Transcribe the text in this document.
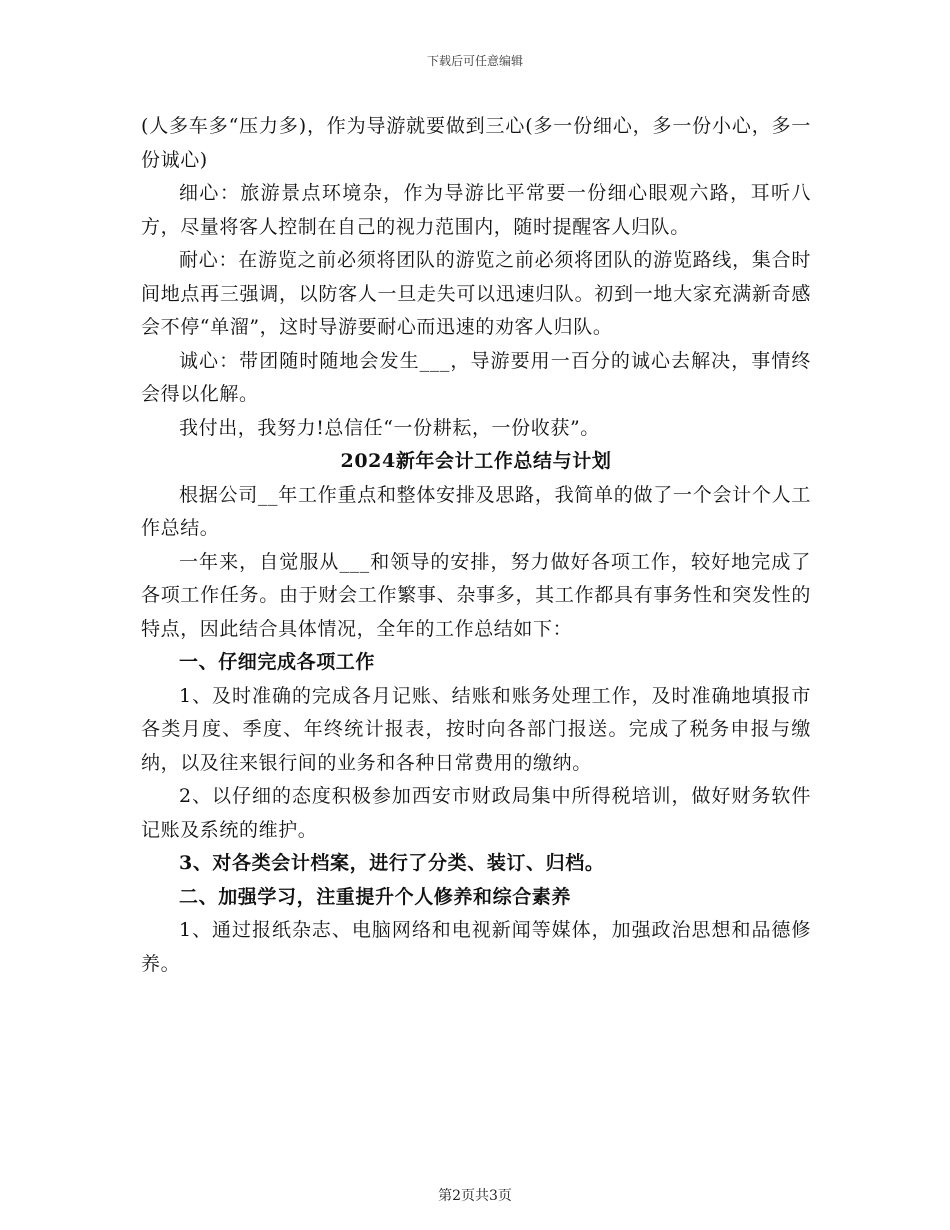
下载后可任意编辑

(人多车多“压力多)，作为导游就要做到三心(多一份细心，多一份小心，多一份诚心)

细心：旅游景点环境杂，作为导游比平常要一份细心眼观六路，耳听八方，尽量将客人控制在自己的视力范围内，随时提醒客人归队。

耐心：在游览之前必须将团队的游览之前必须将团队的游览路线，集合时间地点再三强调，以防客人一旦走失可以迅速归队。初到一地大家充满新奇感会不停“单溜”，这时导游要耐心而迅速的劝客人归队。

诚心：带团随时随地会发生___，导游要用一百分的诚心去解决，事情终会得以化解。

我付出，我努力!总信任“一份耕耘，一份收获”。

2024新年会计工作总结与计划

根据公司__年工作重点和整体安排及思路，我简单的做了一个会计个人工作总结。

一年来，自觉服从___和领导的安排，努力做好各项工作，较好地完成了各项工作任务。由于财会工作繁事、杂事多，其工作都具有事务性和突发性的特点，因此结合具体情况，全年的工作总结如下：

一、仔细完成各项工作

1、及时准确的完成各月记账、结账和账务处理工作，及时准确地填报市各类月度、季度、年终统计报表，按时向各部门报送。完成了税务申报与缴纳，以及往来银行间的业务和各种日常费用的缴纳。

2、以仔细的态度积极参加西安市财政局集中所得税培训，做好财务软件记账及系统的维护。

3、对各类会计档案，进行了分类、装订、归档。

二、加强学习，注重提升个人修养和综合素养

1、通过报纸杂志、电脑网络和电视新闻等媒体，加强政治思想和品德修养。

第2页共3页
